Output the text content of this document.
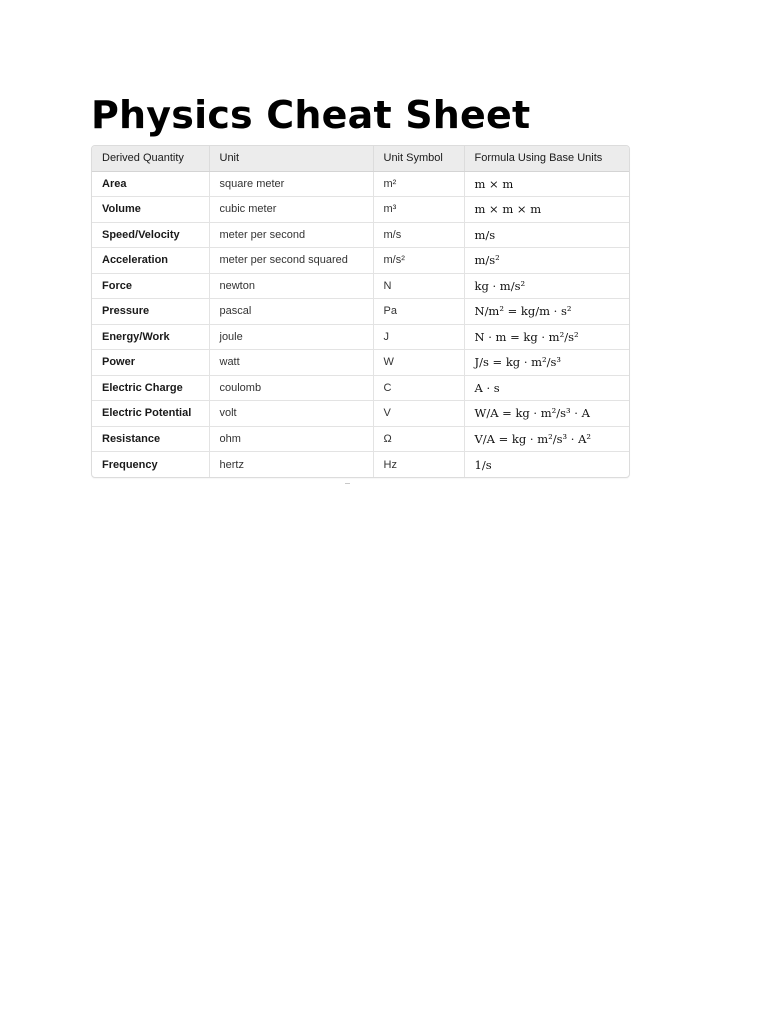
Physics Cheat Sheet
Derived Quantity	Unit	Unit Symbol	Formula Using Base Units
Area	square meter	m²	m × m
Volume	cubic meter	m³	m × m × m
Speed/Velocity	meter per second	m/s	m/s
Acceleration	meter per second squared	m/s²	m/s²
Force	newton	N	kg · m/s²
Pressure	pascal	Pa	N/m² = kg/m · s²
Energy/Work	joule	J	N · m = kg · m²/s²
Power	watt	W	J/s = kg · m²/s³
Electric Charge	coulomb	C	A · s
Electric Potential	volt	V	W/A = kg · m²/s³ · A
Resistance	ohm	Ω	V/A = kg · m²/s³ · A²
Frequency	hertz	Hz	1/s
